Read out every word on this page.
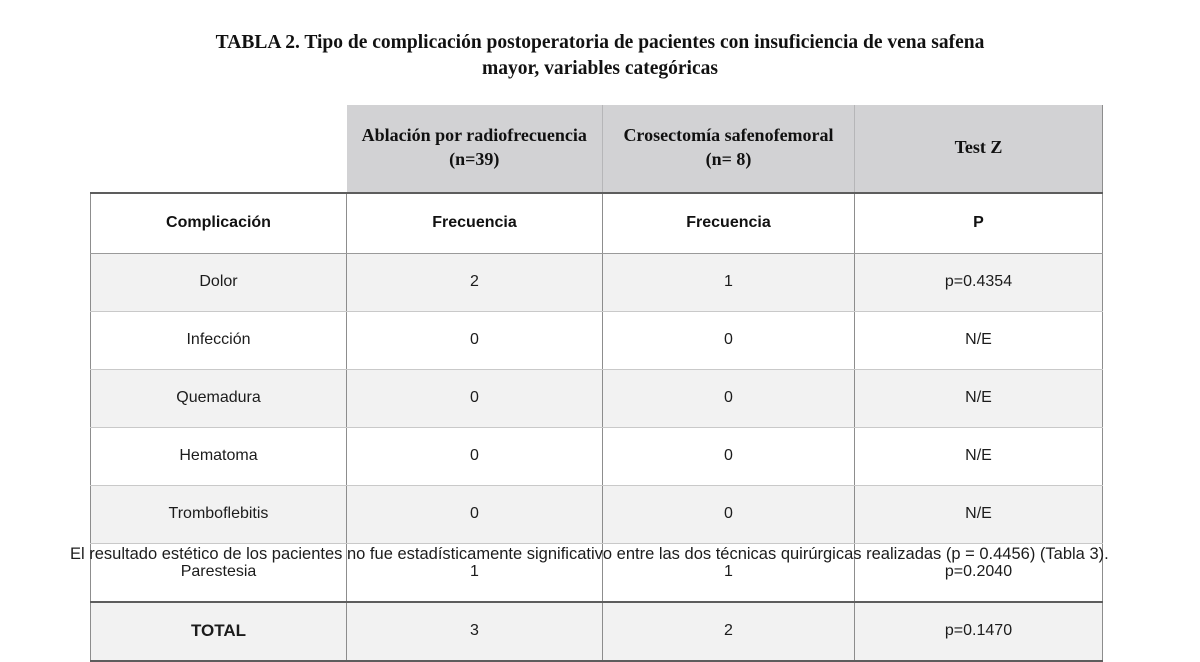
TABLA 2. Tipo de complicación postoperatoria de pacientes con insuficiencia de vena safena mayor, variables categóricas
	Ablación por radiofrecuencia (n=39)	Crosectomía safenofemoral (n= 8)	Test Z
Complicación	Frecuencia	Frecuencia	P
Dolor	2	1	p=0.4354
Infección	0	0	N/E
Quemadura	0	0	N/E
Hematoma	0	0	N/E
Tromboflebitis	0	0	N/E
Parestesia	1	1	p=0.2040
TOTAL	3	2	p=0.1470
El resultado estético de los pacientes no fue estadísticamente significativo entre las dos técnicas quirúrgicas realizadas (p = 0.4456) (Tabla 3).
